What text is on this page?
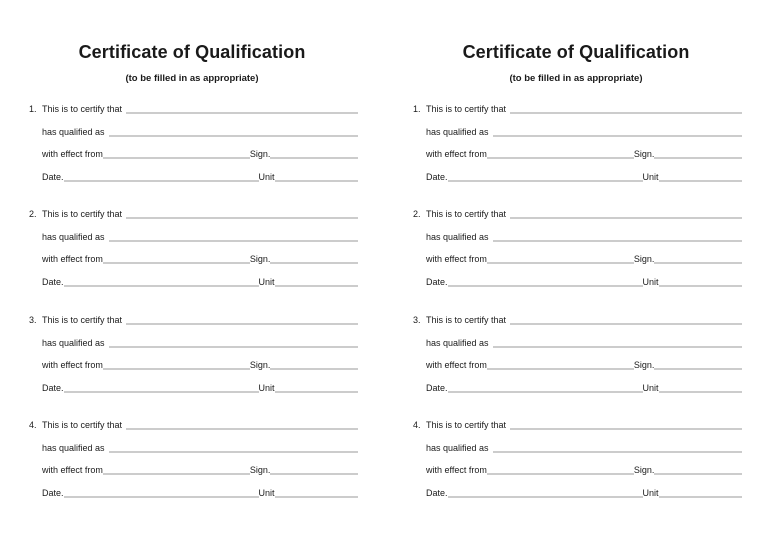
Certificate of Qualification
(to be filled in as appropriate)
1. This is to certify that
has qualified as
with effect from	Sign.
Date.	Unit
2. This is to certify that
has qualified as
with effect from	Sign.
Date.	Unit
3. This is to certify that
has qualified as
with effect from	Sign.
Date.	Unit
4. This is to certify that
has qualified as
with effect from	Sign.
Date.	Unit
Certificate of Qualification
(to be filled in as appropriate)
1. This is to certify that
has qualified as
with effect from	Sign.
Date.	Unit
2. This is to certify that
has qualified as
with effect from	Sign.
Date.	Unit
3. This is to certify that
has qualified as
with effect from	Sign.
Date.	Unit
4. This is to certify that
has qualified as
with effect from	Sign.
Date.	Unit
